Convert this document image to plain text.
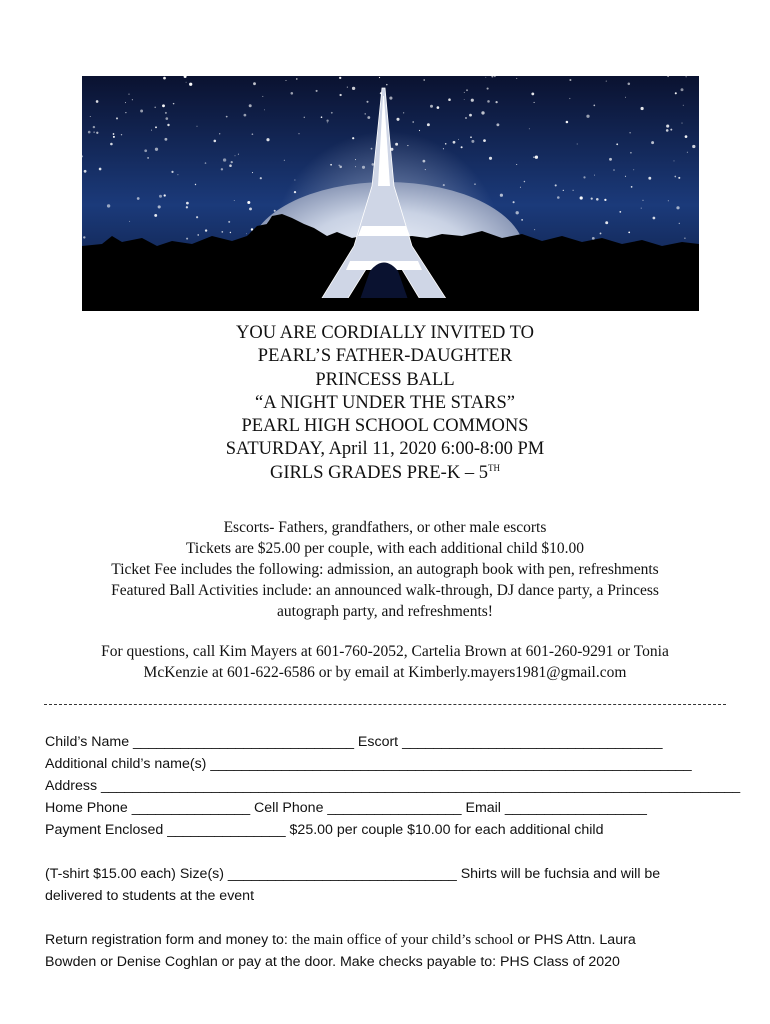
YOU ARE CORDIALLY INVITED TO
PEARL’S FATHER-DAUGHTER
PRINCESS BALL
“A NIGHT UNDER THE STARS”
PEARL HIGH SCHOOL COMMONS
SATURDAY, April 11, 2020 6:00-8:00 PM
GIRLS GRADES PRE-K – 5TH
Escorts- Fathers, grandfathers, or other male escorts
Tickets are $25.00 per couple, with each additional child $10.00
Ticket Fee includes the following: admission, an autograph book with pen, refreshments
Featured Ball Activities include: an announced walk-through, DJ dance party, a Princess
autograph party, and refreshments!
For questions, call Kim Mayers at 601-760-2052, Cartelia Brown at 601-260-9291 or Tonia
McKenzie at 601-622-6586 or by email at Kimberly.mayers1981@gmail.com
Child’s Name ____________________________ Escort _________________________________
Additional child’s name(s) _____________________________________________________________
Address _________________________________________________________________________________
Home Phone _______________ Cell Phone _________________ Email __________________
Payment Enclosed _______________ $25.00 per couple $10.00 for each additional child
(T-shirt $15.00 each) Size(s) _____________________________ Shirts will be fuchsia and will be
delivered to students at the event
Return registration form and money to: the main office of your child’s school or PHS Attn. Laura
Bowden or Denise Coghlan or pay at the door. Make checks payable to: PHS Class of 2020
